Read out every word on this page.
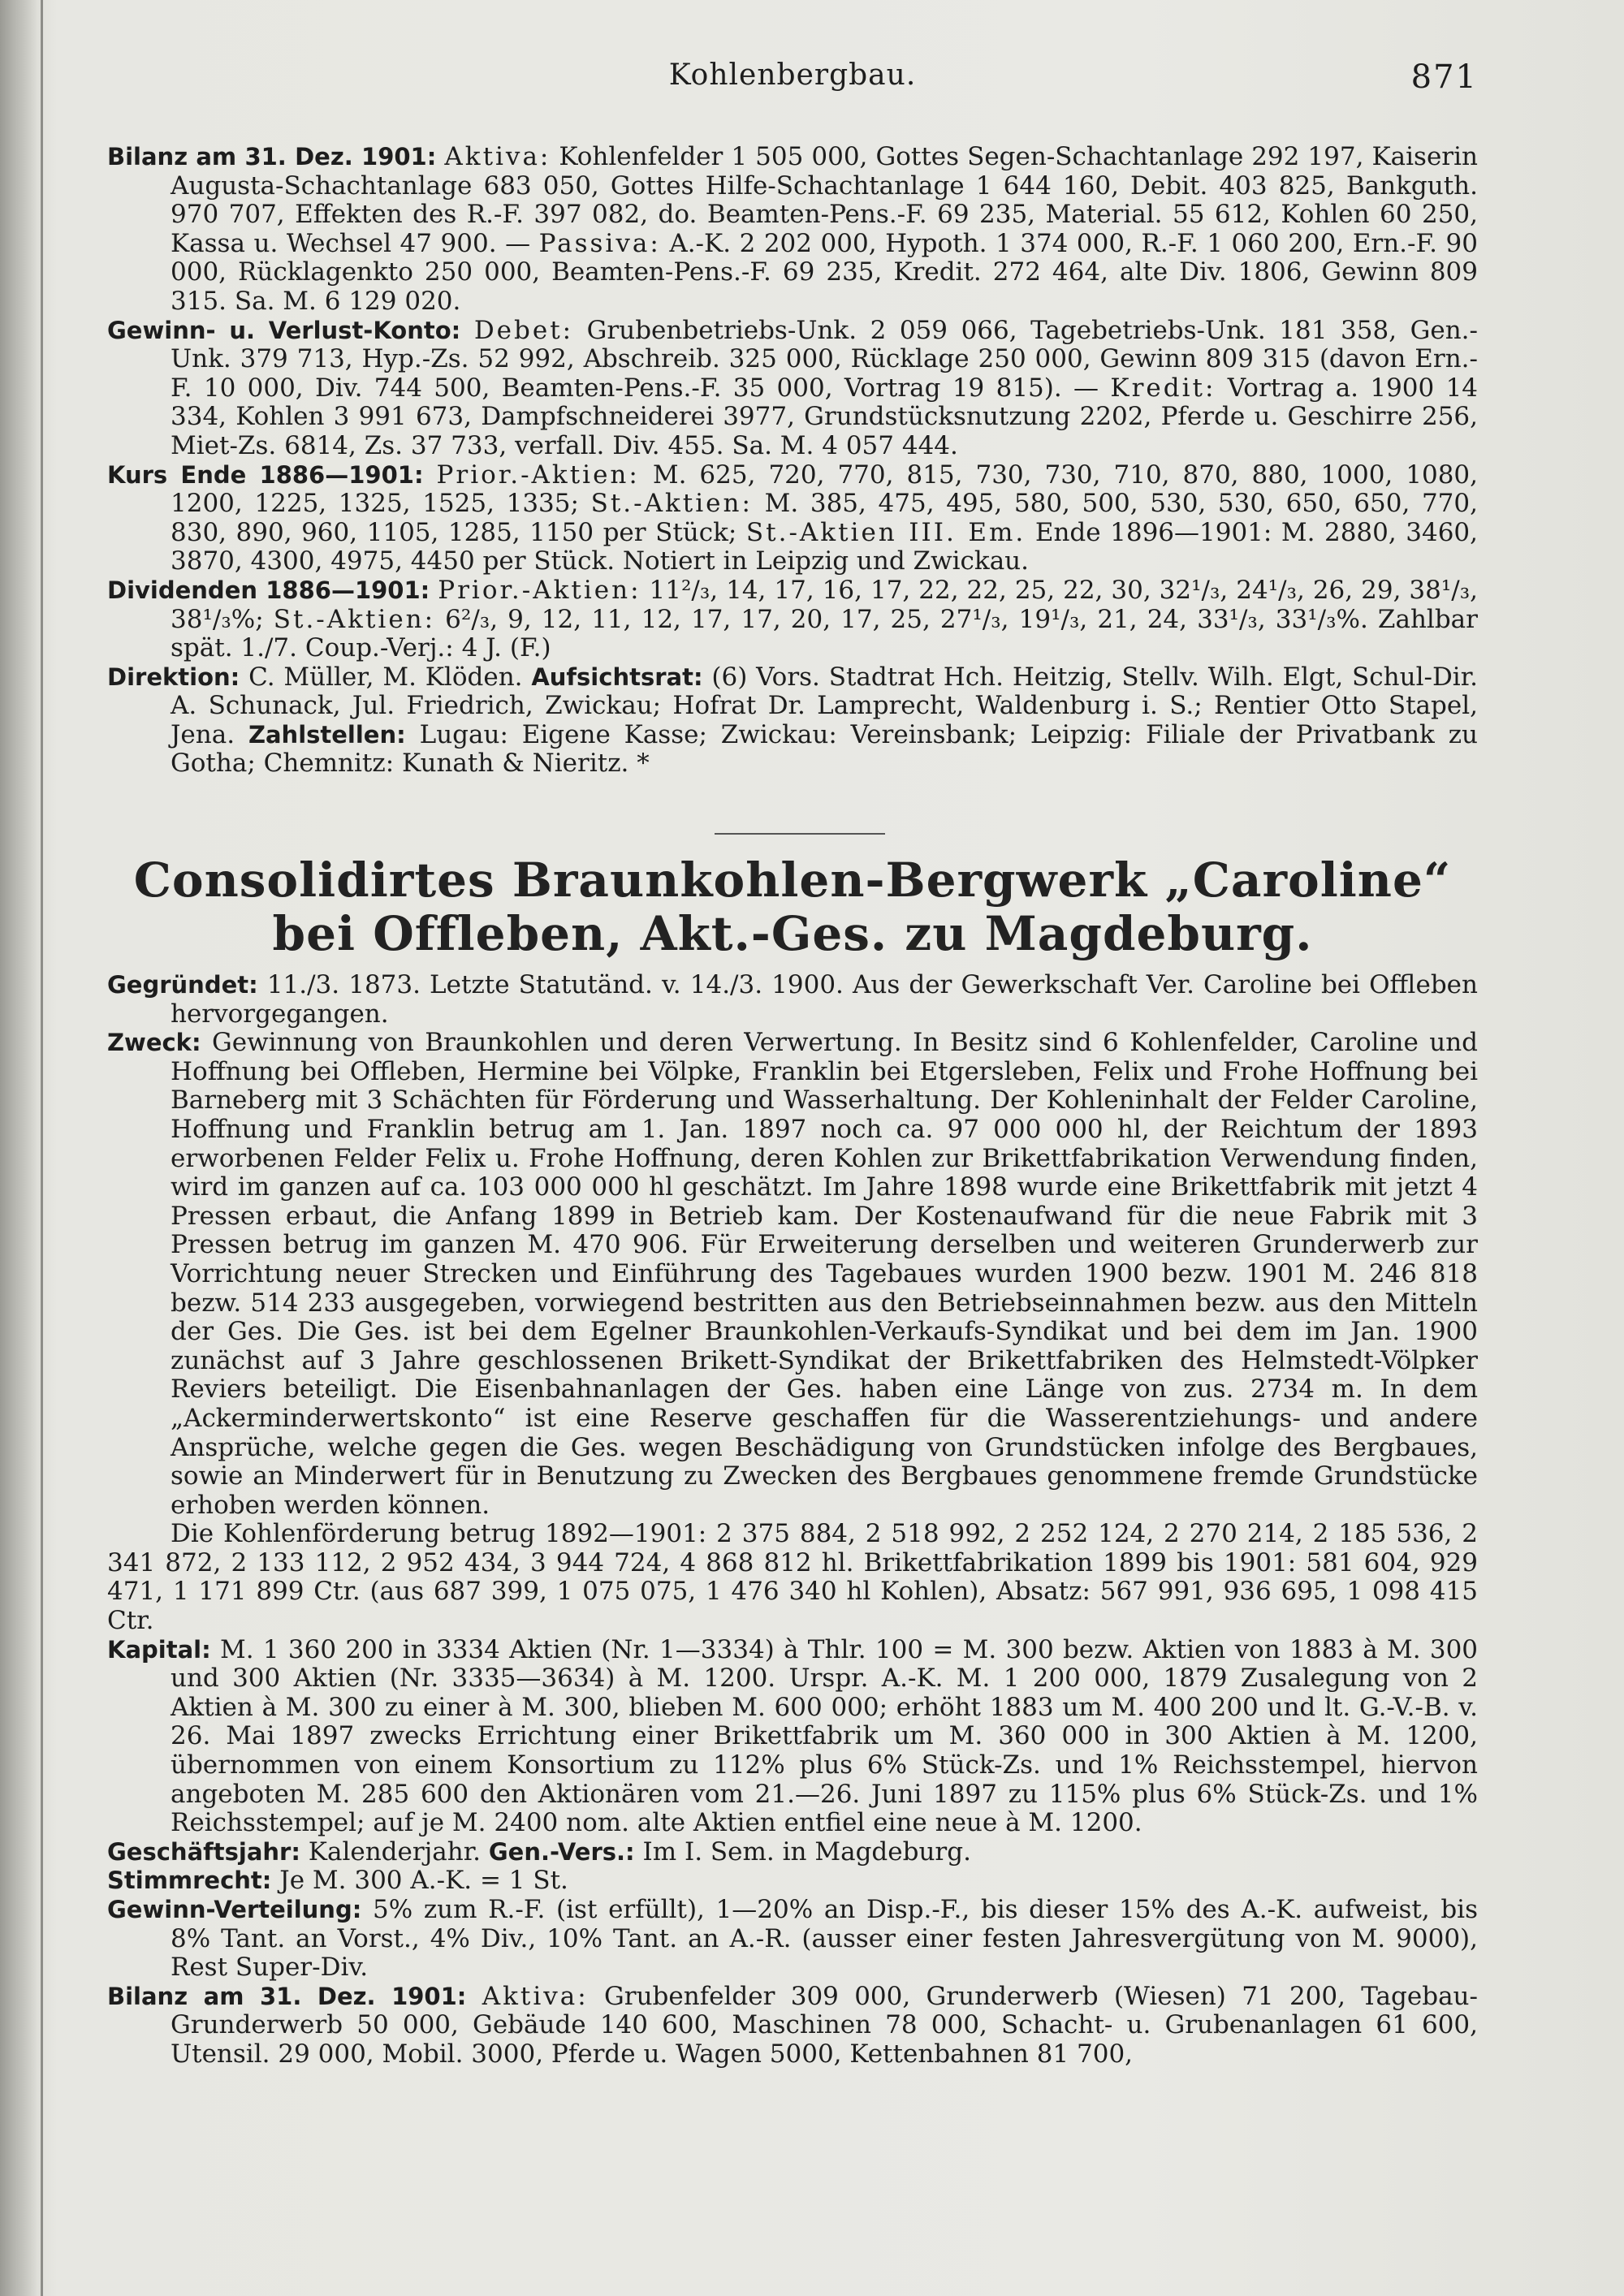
Kohlenbergbau.	871

Bilanz am 31. Dez. 1901: Aktiva: Kohlenfelder 1 505 000, Gottes Segen-Schachtanlage 292 197, Kaiserin Augusta-Schachtanlage 683 050, Gottes Hilfe-Schachtanlage 1 644 160, Debit. 403 825, Bankguth. 970 707, Effekten des R.-F. 397 082, do. Beamten-Pens.-F. 69 235, Material. 55 612, Kohlen 60 250, Kassa u. Wechsel 47 900. — Passiva: A.-K. 2 202 000, Hypoth. 1 374 000, R.-F. 1 060 200, Ern.-F. 90 000, Rücklagenkto 250 000, Beamten-Pens.-F. 69 235, Kredit. 272 464, alte Div. 1806, Gewinn 809 315. Sa. M. 6 129 020.

Gewinn- u. Verlust-Konto: Debet: Grubenbetriebs-Unk. 2 059 066, Tagebetriebs-Unk. 181 358, Gen.-Unk. 379 713, Hyp.-Zs. 52 992, Abschreib. 325 000, Rücklage 250 000, Gewinn 809 315 (davon Ern.-F. 10 000, Div. 744 500, Beamten-Pens.-F. 35 000, Vortrag 19 815). — Kredit: Vortrag a. 1900 14 334, Kohlen 3 991 673, Dampfschneiderei 3977, Grundstücksnutzung 2202, Pferde u. Geschirre 256, Miet-Zs. 6814, Zs. 37 733, verfall. Div. 455. Sa. M. 4 057 444.

Kurs Ende 1886—1901: Prior.-Aktien: M. 625, 720, 770, 815, 730, 730, 710, 870, 880, 1000, 1080, 1200, 1225, 1325, 1525, 1335; St.-Aktien: M. 385, 475, 495, 580, 500, 530, 530, 650, 650, 770, 830, 890, 960, 1105, 1285, 1150 per Stück; St.-Aktien III. Em. Ende 1896—1901: M. 2880, 3460, 3870, 4300, 4975, 4450 per Stück. Notiert in Leipzig und Zwickau.

Dividenden 1886—1901: Prior.-Aktien: 11²/₃, 14, 17, 16, 17, 22, 22, 25, 22, 30, 32¹/₃, 24¹/₃, 26, 29, 38¹/₃, 38¹/₃%; St.-Aktien: 6²/₃, 9, 12, 11, 12, 17, 17, 20, 17, 25, 27¹/₃, 19¹/₃, 21, 24, 33¹/₃, 33¹/₃%. Zahlbar spät. 1./7. Coup.-Verj.: 4 J. (F.)

Direktion: C. Müller, M. Klöden. Aufsichtsrat: (6) Vors. Stadtrat Hch. Heitzig, Stellv. Wilh. Elgt, Schul-Dir. A. Schunack, Jul. Friedrich, Zwickau; Hofrat Dr. Lamprecht, Waldenburg i. S.; Rentier Otto Stapel, Jena. Zahlstellen: Lugau: Eigene Kasse; Zwickau: Vereinsbank; Leipzig: Filiale der Privatbank zu Gotha; Chemnitz: Kunath & Nieritz. *

Consolidirtes Braunkohlen-Bergwerk „Caroline“
bei Offleben, Akt.-Ges. zu Magdeburg.

Gegründet: 11./3. 1873. Letzte Statutänd. v. 14./3. 1900. Aus der Gewerkschaft Ver. Caroline bei Offleben hervorgegangen.

Zweck: Gewinnung von Braunkohlen und deren Verwertung. In Besitz sind 6 Kohlenfelder, Caroline und Hoffnung bei Offleben, Hermine bei Völpke, Franklin bei Etgersleben, Felix und Frohe Hoffnung bei Barneberg mit 3 Schächten für Förderung und Wasserhaltung. Der Kohleninhalt der Felder Caroline, Hoffnung und Franklin betrug am 1. Jan. 1897 noch ca. 97 000 000 hl, der Reichtum der 1893 erworbenen Felder Felix u. Frohe Hoffnung, deren Kohlen zur Brikettfabrikation Verwendung finden, wird im ganzen auf ca. 103 000 000 hl geschätzt. Im Jahre 1898 wurde eine Brikettfabrik mit jetzt 4 Pressen erbaut, die Anfang 1899 in Betrieb kam. Der Kostenaufwand für die neue Fabrik mit 3 Pressen betrug im ganzen M. 470 906. Für Erweiterung derselben und weiteren Grunderwerb zur Vorrichtung neuer Strecken und Einführung des Tagebaues wurden 1900 bezw. 1901 M. 246 818 bezw. 514 233 ausgegeben, vorwiegend bestritten aus den Betriebseinnahmen bezw. aus den Mitteln der Ges. Die Ges. ist bei dem Egelner Braunkohlen-Verkaufs-Syndikat und bei dem im Jan. 1900 zunächst auf 3 Jahre geschlossenen Brikett-Syndikat der Brikettfabriken des Helmstedt-Völpker Reviers beteiligt. Die Eisenbahnanlagen der Ges. haben eine Länge von zus. 2734 m. In dem „Ackerminderwertskonto“ ist eine Reserve geschaffen für die Wasserentziehungs- und andere Ansprüche, welche gegen die Ges. wegen Beschädigung von Grundstücken infolge des Bergbaues, sowie an Minderwert für in Benutzung zu Zwecken des Bergbaues genommene fremde Grundstücke erhoben werden können.

Die Kohlenförderung betrug 1892—1901: 2 375 884, 2 518 992, 2 252 124, 2 270 214, 2 185 536, 2 341 872, 2 133 112, 2 952 434, 3 944 724, 4 868 812 hl. Brikettfabrikation 1899 bis 1901: 581 604, 929 471, 1 171 899 Ctr. (aus 687 399, 1 075 075, 1 476 340 hl Kohlen), Absatz: 567 991, 936 695, 1 098 415 Ctr.

Kapital: M. 1 360 200 in 3334 Aktien (Nr. 1—3334) à Thlr. 100 = M. 300 bezw. Aktien von 1883 à M. 300 und 300 Aktien (Nr. 3335—3634) à M. 1200. Urspr. A.-K. M. 1 200 000, 1879 Zusalegung von 2 Aktien à M. 300 zu einer à M. 300, blieben M. 600 000; erhöht 1883 um M. 400 200 und lt. G.-V.-B. v. 26. Mai 1897 zwecks Errichtung einer Brikettfabrik um M. 360 000 in 300 Aktien à M. 1200, übernommen von einem Konsortium zu 112% plus 6% Stück-Zs. und 1% Reichsstempel, hiervon angeboten M. 285 600 den Aktionären vom 21.—26. Juni 1897 zu 115% plus 6% Stück-Zs. und 1% Reichsstempel; auf je M. 2400 nom. alte Aktien entfiel eine neue à M. 1200.

Geschäftsjahr: Kalenderjahr. Gen.-Vers.: Im I. Sem. in Magdeburg.

Stimmrecht: Je M. 300 A.-K. = 1 St.

Gewinn-Verteilung: 5% zum R.-F. (ist erfüllt), 1—20% an Disp.-F., bis dieser 15% des A.-K. aufweist, bis 8% Tant. an Vorst., 4% Div., 10% Tant. an A.-R. (ausser einer festen Jahresvergütung von M. 9000), Rest Super-Div.

Bilanz am 31. Dez. 1901: Aktiva: Grubenfelder 309 000, Grunderwerb (Wiesen) 71 200, Tagebau-Grunderwerb 50 000, Gebäude 140 600, Maschinen 78 000, Schacht- u. Grubenanlagen 61 600, Utensil. 29 000, Mobil. 3000, Pferde u. Wagen 5000, Kettenbahnen 81 700,
